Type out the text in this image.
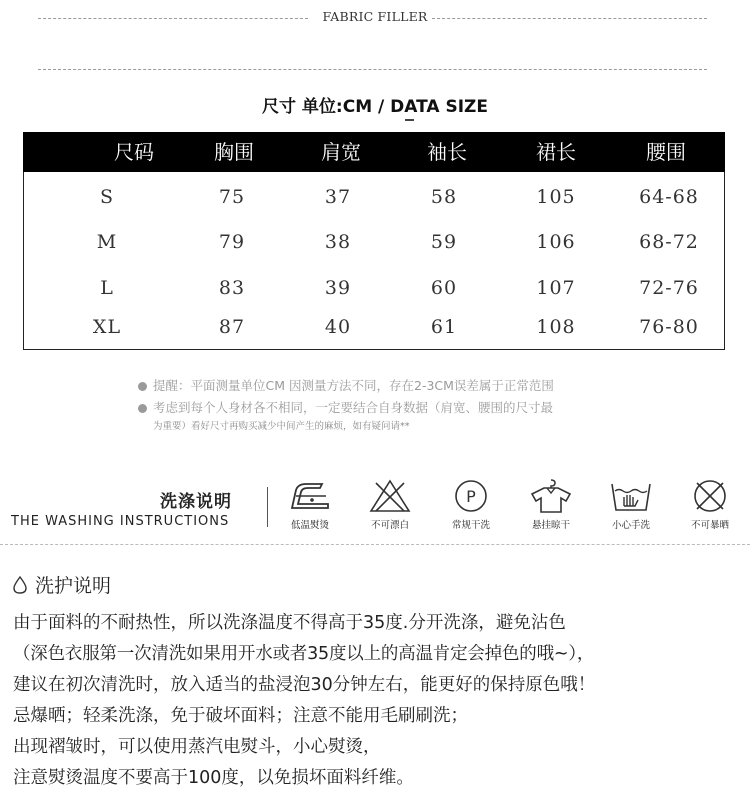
FABRIC FILLER
尺寸 单位:CM / DATA SIZE
尺码	胸围	肩宽	袖长	裙长	腰围
S	75	37	58	105	64-68
M	79	38	59	106	68-72
L	83	39	60	107	72-76
XL	87	40	61	108	76-80
提醒：平面测量单位CM 因测量方法不同，存在2-3CM误差属于正常范围
考虑到每个人身材各不相同，一定要结合自身数据（肩宽、腰围的尺寸最
为重要）看好尺寸再购买减少中间产生的麻烦，如有疑问请**
洗涤说明
THE WASHING INSTRUCTIONS	低温熨烫	不可漂白
P
常规干洗	悬挂晾干	小心手洗	不可暴晒
洗护说明
由于面料的不耐热性，所以洗涤温度不得高于35度.分开洗涤，避免沾色
（深色衣服第一次清洗如果用开水或者35度以上的高温肯定会掉色的哦~），
建议在初次清洗时，放入适当的盐浸泡30分钟左右，能更好的保持原色哦！
忌爆晒；轻柔洗涤，免于破坏面料；注意不能用毛刷刷洗；
出现褶皱时，可以使用蒸汽电熨斗，小心熨烫，
注意熨烫温度不要高于100度，以免损坏面料纤维。
